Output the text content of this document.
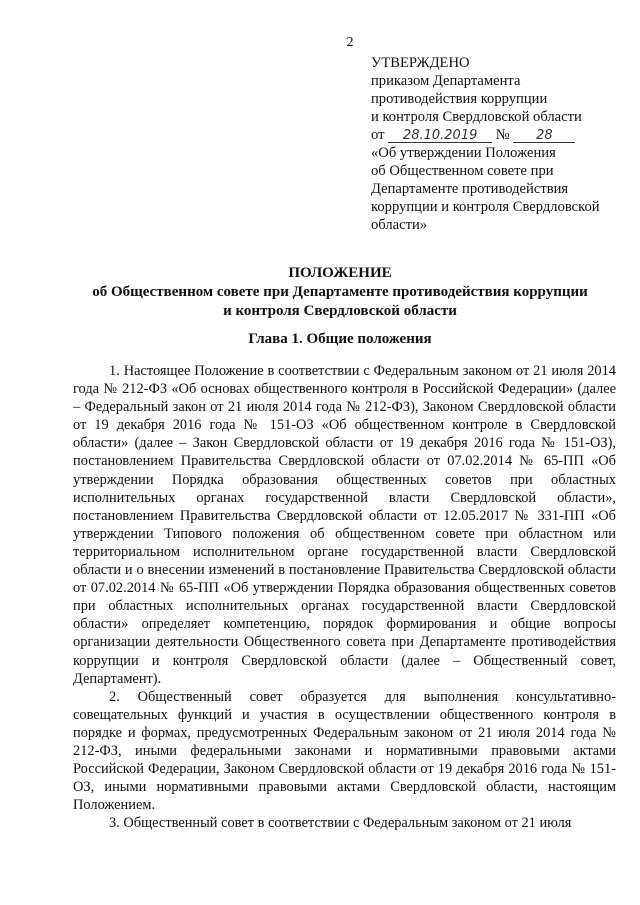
2
УТВЕРЖДЕНО
приказом Департамента
противодействия коррупции
и контроля Свердловской области
от 28.10.2019 № 28
«Об утверждении Положения
об Общественном совете при
Департаменте противодействия
коррупции и контроля Свердловской
области»
ПОЛОЖЕНИЕ
об Общественном совете при Департаменте противодействия коррупции
и контроля Свердловской области
Глава 1. Общие положения

1. Настоящее Положение в соответствии с Федеральным законом от 21 июля 2014 года № 212-ФЗ «Об основах общественного контроля в Российской Федерации» (далее – Федеральный закон от 21 июля 2014 года № 212-ФЗ), Законом Свердловской области от 19 декабря 2016 года № 151-ОЗ «Об общественном контроле в Свердловской области» (далее – Закон Свердловской области от 19 декабря 2016 года № 151-ОЗ), постановлением Правительства Свердловской области от 07.02.2014 № 65-ПП «Об утверждении Порядка образования общественных советов при областных исполнительных органах государственной власти Свердловской области», постановлением Правительства Свердловской области от 12.05.2017 № 331-ПП «Об утверждении Типового положения об общественном совете при областном или территориальном исполнительном органе государственной власти Свердловской области и о внесении изменений в постановление Правительства Свердловской области от 07.02.2014 № 65-ПП «Об утверждении Порядка образования общественных советов при областных исполнительных органах государственной власти Свердловской области» определяет компетенцию, порядок формирования и общие вопросы организации деятельности Общественного совета при Департаменте противодействия коррупции и контроля Свердловской области (далее – Общественный совет, Департамент).

2. Общественный совет образуется для выполнения консультативно-совещательных функций и участия в осуществлении общественного контроля в порядке и формах, предусмотренных Федеральным законом от 21 июля 2014 года № 212-ФЗ, иными федеральными законами и нормативными правовыми актами Российской Федерации, Законом Свердловской области от 19 декабря 2016 года № 151-ОЗ, иными нормативными правовыми актами Свердловской области, настоящим Положением.

3. Общественный совет в соответствии с Федеральным законом от 21 июля
